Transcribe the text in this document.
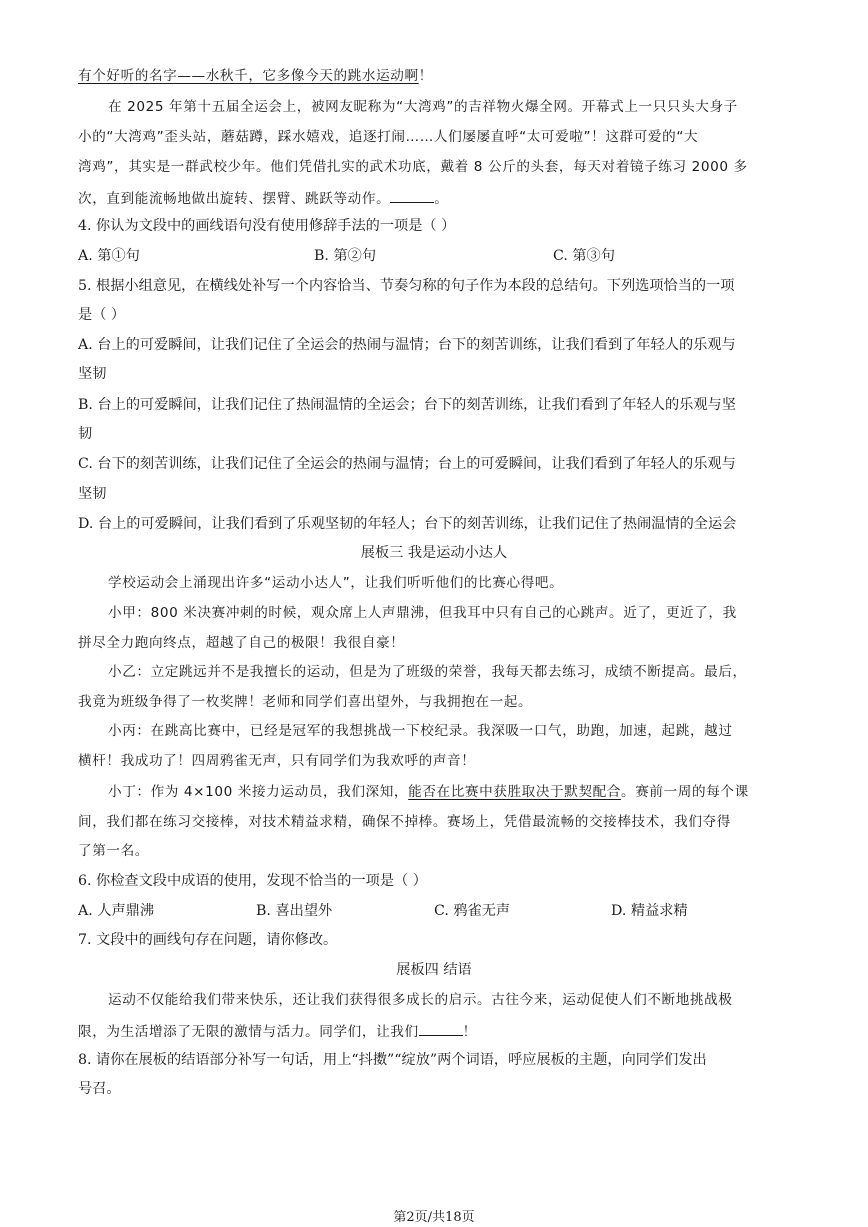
有个好听的名字——水秋千，它多像今天的跳水运动啊！
在 2025 年第十五届全运会上，被网友昵称为“大湾鸡”的吉祥物火爆全网。开幕式上一只只头大身子
小的“大湾鸡”歪头站，蘑菇蹲，踩水嬉戏，追逐打闹……人们屡屡直呼“太可爱啦”！这群可爱的“大
湾鸡”，其实是一群武校少年。他们凭借扎实的武术功底，戴着 8 公斤的头套，每天对着镜子练习 2000 多
次，直到能流畅地做出旋转、摆臂、跳跃等动作。	。
4. 你认为文段中的画线语句没有使用修辞手法的一项是（ ）
A. 第①句	B. 第②句	C. 第③句
5. 根据小组意见，在横线处补写一个内容恰当、节奏匀称的句子作为本段的总结句。下列选项恰当的一项
是（ ）
A. 台上的可爱瞬间，让我们记住了全运会的热闹与温情；台下的刻苦训练，让我们看到了年轻人的乐观与
坚韧
B. 台上的可爱瞬间，让我们记住了热闹温情的全运会；台下的刻苦训练，让我们看到了年轻人的乐观与坚
韧
C. 台下的刻苦训练，让我们记住了全运会的热闹与温情；台上的可爱瞬间，让我们看到了年轻人的乐观与
坚韧
D. 台上的可爱瞬间，让我们看到了乐观坚韧的年轻人；台下的刻苦训练，让我们记住了热闹温情的全运会
展板三 我是运动小达人
学校运动会上涌现出许多“运动小达人”，让我们听听他们的比赛心得吧。
小甲：800 米决赛冲刺的时候，观众席上人声鼎沸，但我耳中只有自己的心跳声。近了，更近了，我
拼尽全力跑向终点，超越了自己的极限！我很自豪！
小乙：立定跳远并不是我擅长的运动，但是为了班级的荣誉，我每天都去练习，成绩不断提高。最后，
我竟为班级争得了一枚奖牌！老师和同学们喜出望外，与我拥抱在一起。
小丙：在跳高比赛中，已经是冠军的我想挑战一下校纪录。我深吸一口气，助跑，加速，起跳，越过
横杆！我成功了！四周鸦雀无声，只有同学们为我欢呼的声音！
小丁：作为 4×100 米接力运动员，我们深知，能否在比赛中获胜取决于默契配合。赛前一周的每个课
间，我们都在练习交接棒，对技术精益求精，确保不掉棒。赛场上，凭借最流畅的交接棒技术，我们夺得
了第一名。
6. 你检查文段中成语的使用，发现不恰当的一项是（ ）
A. 人声鼎沸	B. 喜出望外	C. 鸦雀无声	D. 精益求精
7. 文段中的画线句存在问题，请你修改。
展板四 结语
运动不仅能给我们带来快乐，还让我们获得很多成长的启示。古往今来，运动促使人们不断地挑战极
限，为生活增添了无限的激情与活力。同学们，让我们	！
8. 请你在展板的结语部分补写一句话，用上“抖擞”“绽放”两个词语，呼应展板的主题，向同学们发出
号召。
第2页/共18页
